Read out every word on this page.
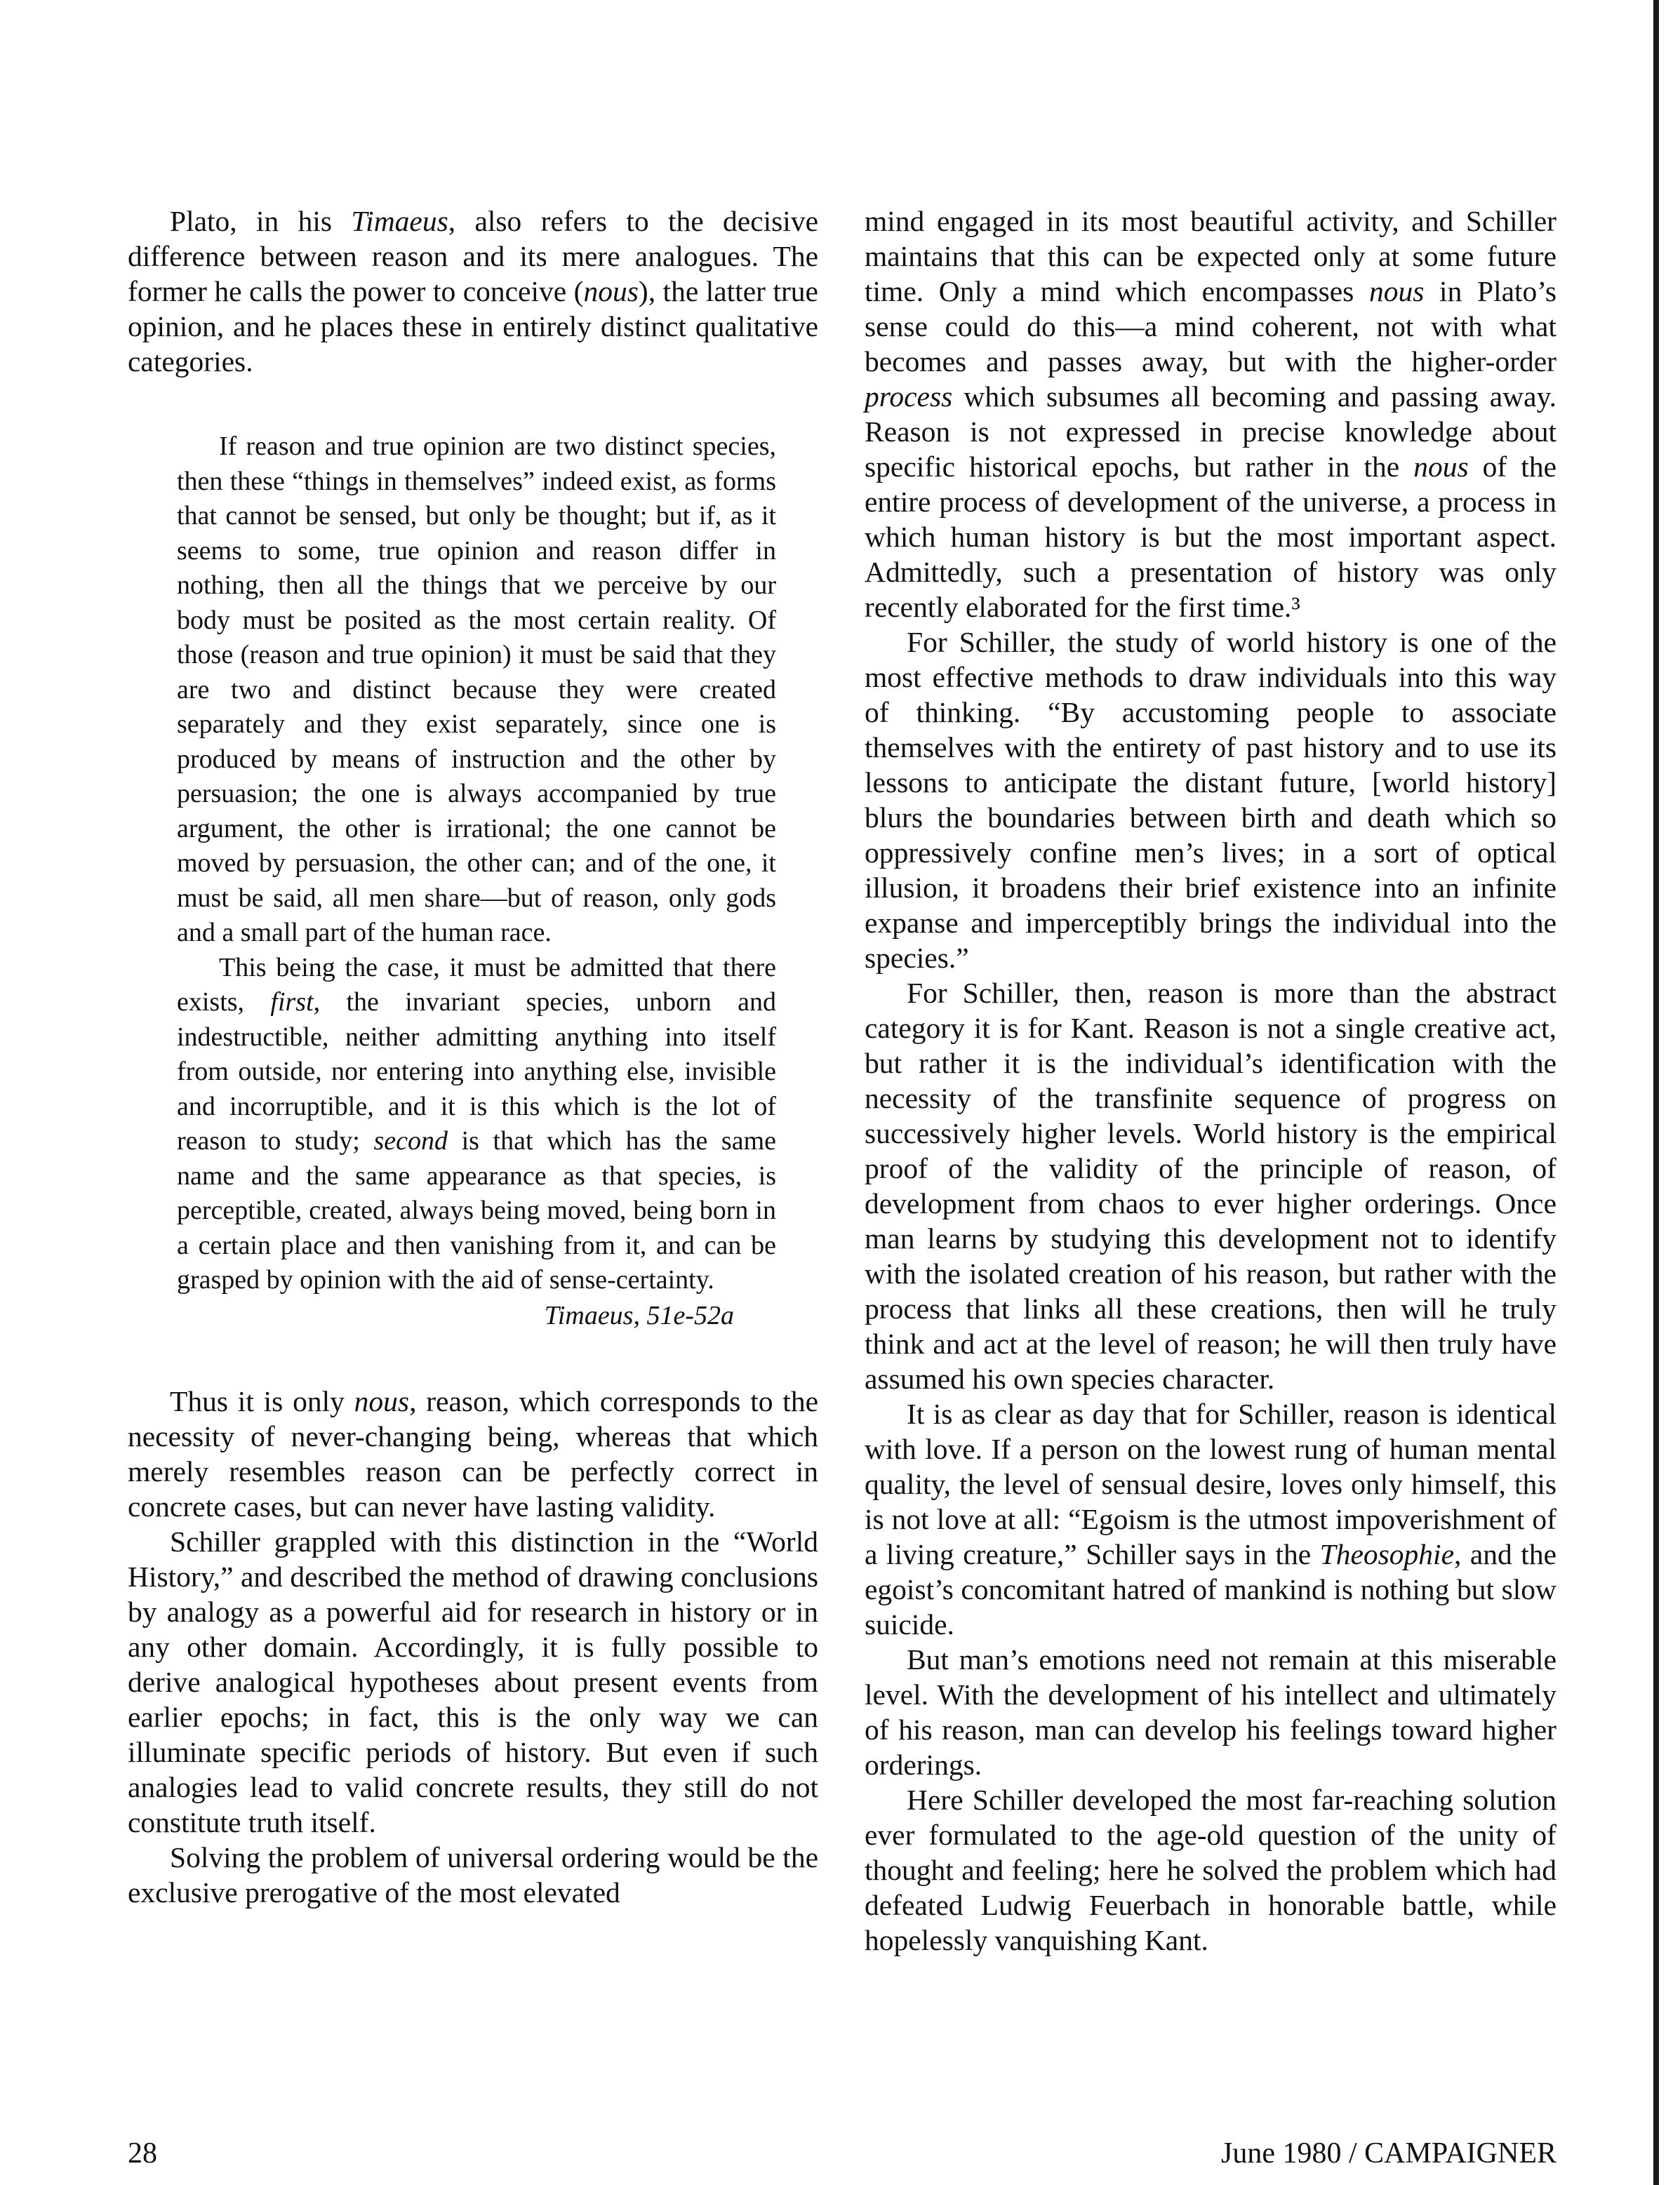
Plato, in his Timaeus, also refers to the decisive difference between reason and its mere analogues. The former he calls the power to conceive (nous), the latter true opinion, and he places these in entirely distinct qualitative categories.

If reason and true opinion are two distinct species, then these “things in themselves” indeed exist, as forms that cannot be sensed, but only be thought; but if, as it seems to some, true opinion and reason differ in nothing, then all the things that we perceive by our body must be posited as the most certain reality. Of those (reason and true opinion) it must be said that they are two and distinct because they were created separately and they exist separately, since one is produced by means of instruction and the other by persuasion; the one is always accompanied by true argument, the other is irrational; the one cannot be moved by persuasion, the other can; and of the one, it must be said, all men share—but of reason, only gods and a small part of the human race.

This being the case, it must be admitted that there exists, first, the invariant species, unborn and indestructible, neither admitting anything into itself from outside, nor entering into anything else, invisible and incorruptible, and it is this which is the lot of reason to study; second is that which has the same name and the same appearance as that species, is perceptible, created, always being moved, being born in a certain place and then vanishing from it, and can be grasped by opinion with the aid of sense-certainty.

Timaeus, 51e-52a

Thus it is only nous, reason, which corresponds to the necessity of never-changing being, whereas that which merely resembles reason can be perfectly correct in concrete cases, but can never have lasting validity.

Schiller grappled with this distinction in the “World History,” and described the method of drawing conclusions by analogy as a powerful aid for research in history or in any other domain. Accordingly, it is fully possible to derive analogical hypotheses about present events from earlier epochs; in fact, this is the only way we can illuminate specific periods of history. But even if such analogies lead to valid concrete results, they still do not constitute truth itself.

Solving the problem of universal ordering would be the exclusive prerogative of the most elevated

mind engaged in its most beautiful activity, and Schiller maintains that this can be expected only at some future time. Only a mind which encompasses nous in Plato’s sense could do this—a mind coherent, not with what becomes and passes away, but with the higher-order process which subsumes all becoming and passing away. Reason is not expressed in precise knowledge about specific historical epochs, but rather in the nous of the entire process of development of the universe, a process in which human history is but the most important aspect. Admittedly, such a presentation of history was only recently elaborated for the first time.³

For Schiller, the study of world history is one of the most effective methods to draw individuals into this way of thinking. “By accustoming people to associate themselves with the entirety of past history and to use its lessons to anticipate the distant future, [world history] blurs the boundaries between birth and death which so oppressively confine men’s lives; in a sort of optical illusion, it broadens their brief existence into an infinite expanse and imperceptibly brings the individual into the species.”

For Schiller, then, reason is more than the abstract category it is for Kant. Reason is not a single creative act, but rather it is the individual’s identification with the necessity of the transfinite sequence of progress on successively higher levels. World history is the empirical proof of the validity of the principle of reason, of development from chaos to ever higher orderings. Once man learns by studying this development not to identify with the isolated creation of his reason, but rather with the process that links all these creations, then will he truly think and act at the level of reason; he will then truly have assumed his own species character.

It is as clear as day that for Schiller, reason is identical with love. If a person on the lowest rung of human mental quality, the level of sensual desire, loves only himself, this is not love at all: “Egoism is the utmost impoverishment of a living creature,” Schiller says in the Theosophie, and the egoist’s concomitant hatred of mankind is nothing but slow suicide.

But man’s emotions need not remain at this miserable level. With the development of his intellect and ultimately of his reason, man can develop his feelings toward higher orderings.

Here Schiller developed the most far-reaching solution ever formulated to the age-old question of the unity of thought and feeling; here he solved the problem which had defeated Ludwig Feuerbach in honorable battle, while hopelessly vanquishing Kant.

28	June 1980 / CAMPAIGNER
